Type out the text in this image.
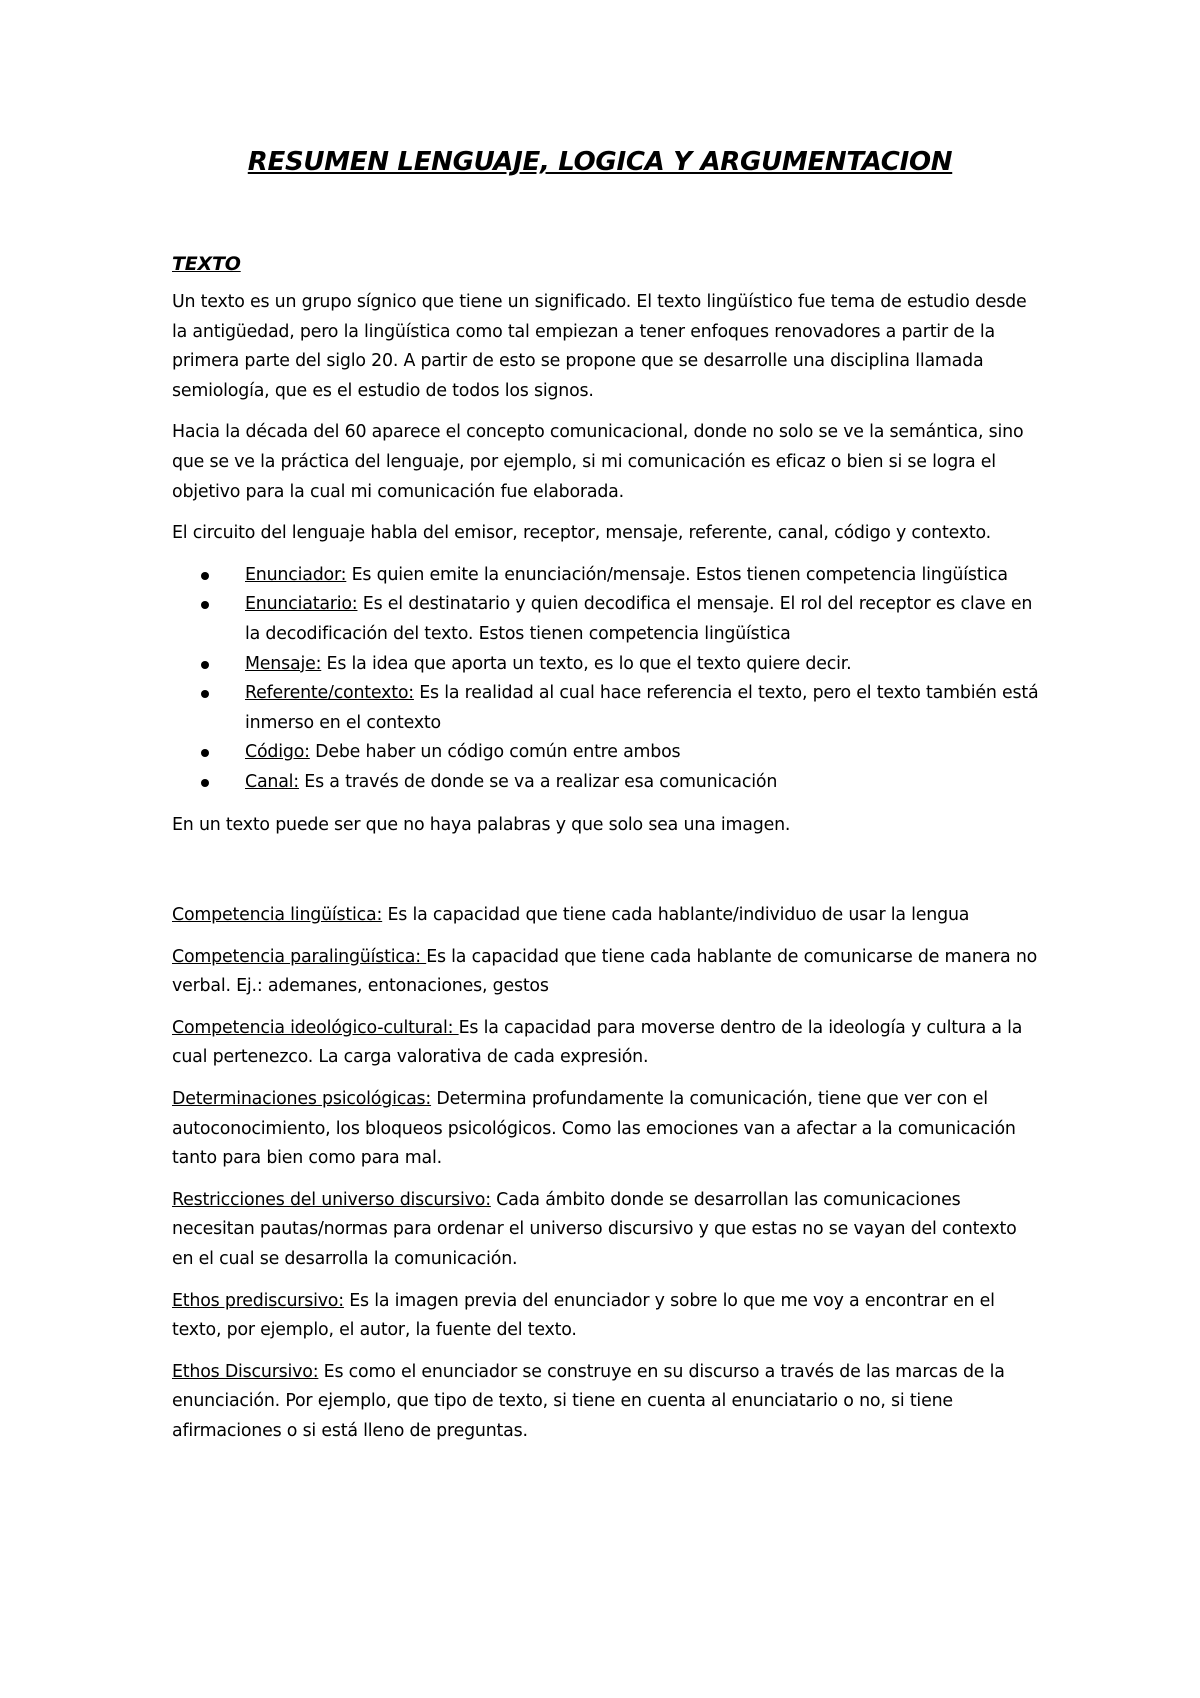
RESUMEN LENGUAJE, LOGICA Y ARGUMENTACION
TEXTO

Un texto es un grupo sígnico que tiene un significado. El texto lingüístico fue tema de estudio desde la antigüedad, pero la lingüística como tal empiezan a tener enfoques renovadores a partir de la primera parte del siglo 20. A partir de esto se propone que se desarrolle una disciplina llamada semiología, que es el estudio de todos los signos.

Hacia la década del 60 aparece el concepto comunicacional, donde no solo se ve la semántica, sino que se ve la práctica del lenguaje, por ejemplo, si mi comunicación es eficaz o bien si se logra el objetivo para la cual mi comunicación fue elaborada.

El circuito del lenguaje habla del emisor, receptor, mensaje, referente, canal, código y contexto.

Enunciador: Es quien emite la enunciación/mensaje. Estos tienen competencia lingüística
Enunciatario: Es el destinatario y quien decodifica el mensaje. El rol del receptor es clave en la decodificación del texto. Estos tienen competencia lingüística
Mensaje: Es la idea que aporta un texto, es lo que el texto quiere decir.
Referente/contexto: Es la realidad al cual hace referencia el texto, pero el texto también está inmerso en el contexto
Código: Debe haber un código común entre ambos
Canal: Es a través de donde se va a realizar esa comunicación

En un texto puede ser que no haya palabras y que solo sea una imagen.

Competencia lingüística: Es la capacidad que tiene cada hablante/individuo de usar la lengua

Competencia paralingüística: Es la capacidad que tiene cada hablante de comunicarse de manera no verbal. Ej.: ademanes, entonaciones, gestos

Competencia ideológico-cultural: Es la capacidad para moverse dentro de la ideología y cultura a la cual pertenezco. La carga valorativa de cada expresión.

Determinaciones psicológicas: Determina profundamente la comunicación, tiene que ver con el autoconocimiento, los bloqueos psicológicos. Como las emociones van a afectar a la comunicación tanto para bien como para mal.

Restricciones del universo discursivo: Cada ámbito donde se desarrollan las comunicaciones necesitan pautas/normas para ordenar el universo discursivo y que estas no se vayan del contexto en el cual se desarrolla la comunicación.

Ethos prediscursivo: Es la imagen previa del enunciador y sobre lo que me voy a encontrar en el texto, por ejemplo, el autor, la fuente del texto.

Ethos Discursivo: Es como el enunciador se construye en su discurso a través de las marcas de la enunciación. Por ejemplo, que tipo de texto, si tiene en cuenta al enunciatario o no, si tiene afirmaciones o si está lleno de preguntas.
